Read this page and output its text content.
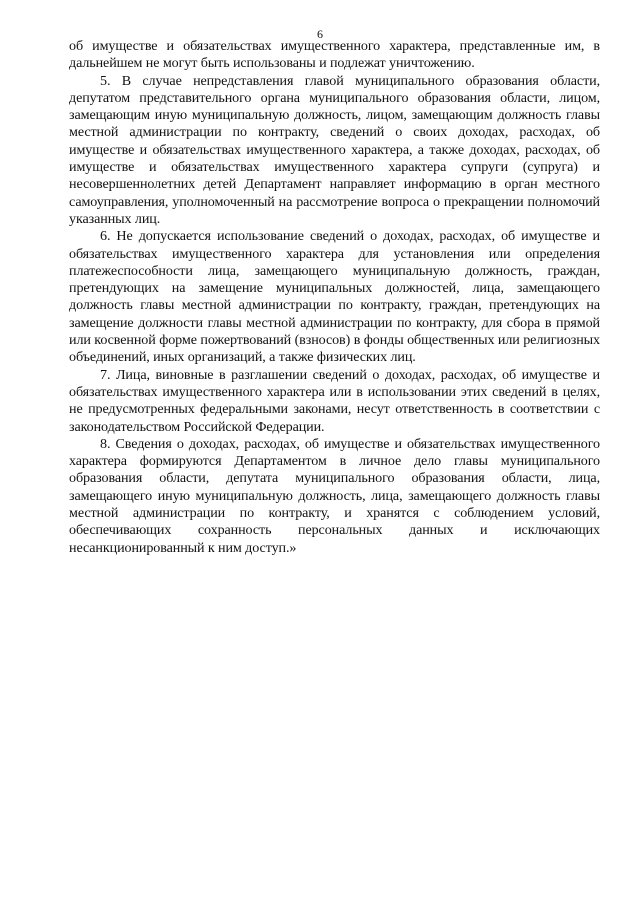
6

об имуществе и обязательствах имущественного характера, представленные им, в дальнейшем не могут быть использованы и подлежат уничтожению.

5. В случае непредставления главой муниципального образования области, депутатом представительного органа муниципального образования области, лицом, замещающим иную муниципальную должность, лицом, замещающим должность главы местной администрации по контракту, сведений о своих доходах, расходах, об имуществе и обязательствах имущественного характера, а также доходах, расходах, об имуществе и обязательствах имущественного характера супруги (супруга) и несовершеннолетних детей Департамент направляет информацию в орган местного самоуправления, уполномоченный на рассмотрение вопроса о прекращении полномочий указанных лиц.

6. Не допускается использование сведений о доходах, расходах, об имуществе и обязательствах имущественного характера для установления или определения платежеспособности лица, замещающего муниципальную должность, граждан, претендующих на замещение муниципальных должностей, лица, замещающего должность главы местной администрации по контракту, граждан, претендующих на замещение должности главы местной администрации по контракту, для сбора в прямой или косвенной форме пожертвований (взносов) в фонды общественных или религиозных объединений, иных организаций, а также физических лиц.

7. Лица, виновные в разглашении сведений о доходах, расходах, об имуществе и обязательствах имущественного характера или в использовании этих сведений в целях, не предусмотренных федеральными законами, несут ответственность в соответствии с законодательством Российской Федерации.

8. Сведения о доходах, расходах, об имуществе и обязательствах имущественного характера формируются Департаментом в личное дело главы муниципального образования области, депутата муниципального образования области, лица, замещающего иную муниципальную должность, лица, замещающего должность главы местной администрации по контракту, и хранятся с соблюдением условий, обеспечивающих сохранность персональных данных и исключающих несанкционированный к ним доступ.»
